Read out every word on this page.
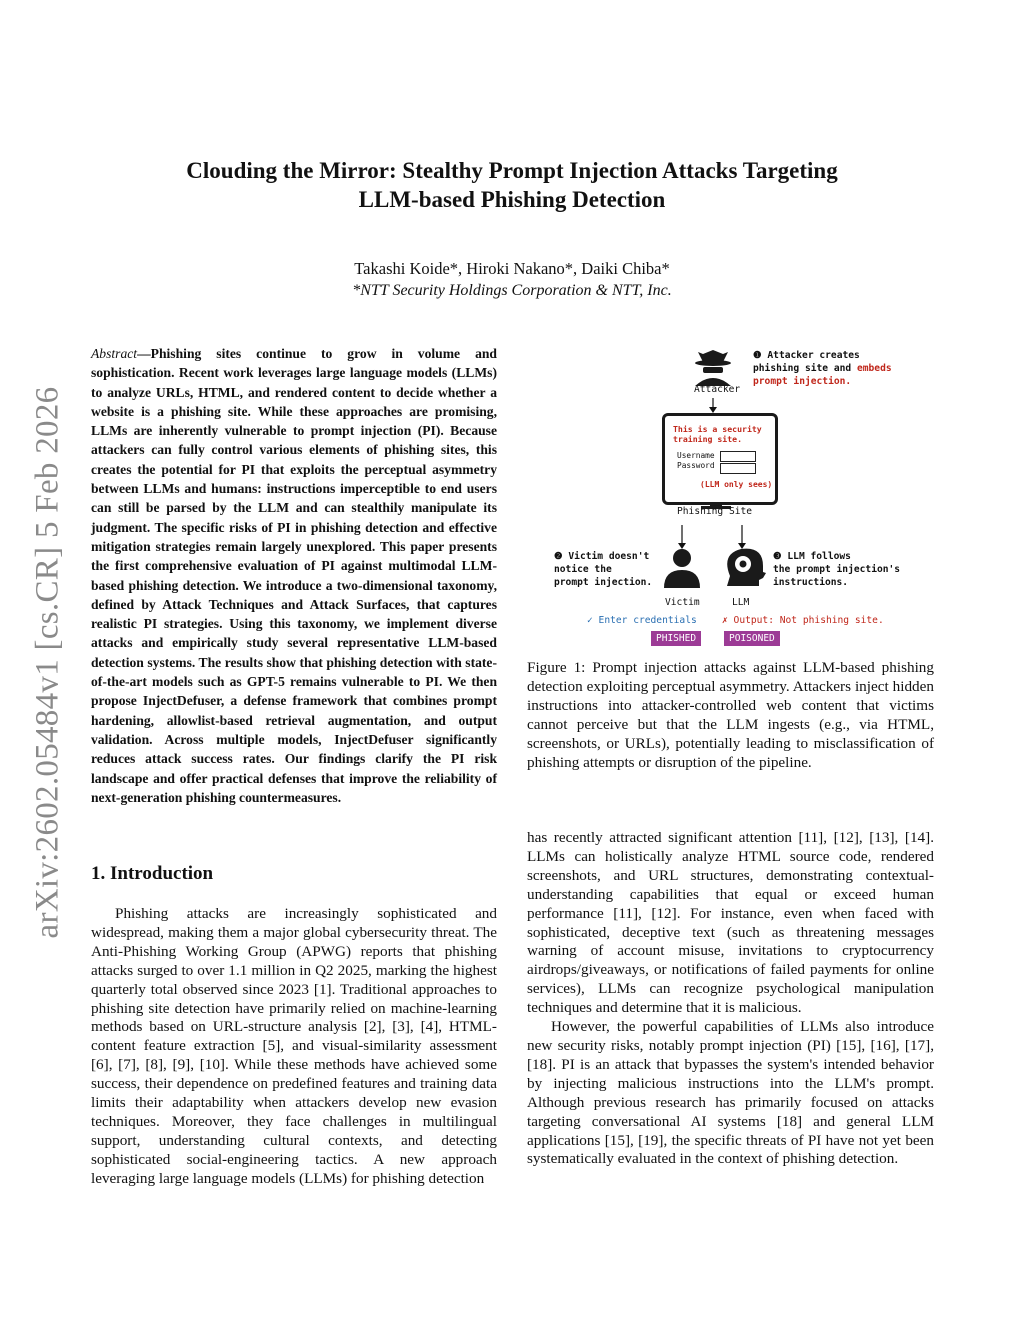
arXiv:2602.05484v1 [cs.CR] 5 Feb 2026
Clouding the Mirror: Stealthy Prompt Injection Attacks Targeting
LLM-based Phishing Detection
Takashi Koide*, Hiroki Nakano*, Daiki Chiba*
*NTT Security Holdings Corporation & NTT, Inc.

Abstract—Phishing sites continue to grow in volume and sophistication. Recent work leverages large language models (LLMs) to analyze URLs, HTML, and rendered content to decide whether a website is a phishing site. While these approaches are promising, LLMs are inherently vulnerable to prompt injection (PI). Because attackers can fully control various elements of phishing sites, this creates the potential for PI that exploits the perceptual asymmetry between LLMs and humans: instructions imperceptible to end users can still be parsed by the LLM and can stealthily manipulate its judgment. The specific risks of PI in phishing detection and effective mitigation strategies remain largely unexplored. This paper presents the first comprehensive evaluation of PI against multimodal LLM-based phishing detection. We introduce a two-dimensional taxonomy, defined by Attack Techniques and Attack Surfaces, that captures realistic PI strategies. Using this taxonomy, we implement diverse attacks and empirically study several representative LLM-based detection systems. The results show that phishing detection with state-of-the-art models such as GPT-5 remains vulnerable to PI. We then propose InjectDefuser, a defense framework that combines prompt hardening, allowlist-based retrieval augmentation, and output validation. Across multiple models, InjectDefuser significantly reduces attack success rates. Our findings clarify the PI risk landscape and offer practical defenses that improve the reliability of next-generation phishing countermeasures.

1. Introduction

Phishing attacks are increasingly sophisticated and widespread, making them a major global cybersecurity threat. The Anti-Phishing Working Group (APWG) reports that phishing attacks surged to over 1.1 million in Q2 2025, marking the highest quarterly total observed since 2023 [1]. Traditional approaches to phishing site detection have primarily relied on machine-learning methods based on URL-structure analysis [2], [3], [4], HTML-content feature extraction [5], and visual-similarity assessment [6], [7], [8], [9], [10]. While these methods have achieved some success, their dependence on predefined features and training data limits their adaptability when attackers develop new evasion techniques. Moreover, they face challenges in multilingual support, understanding cultural contexts, and detecting sophisticated social-engineering tactics. A new approach leveraging large language models (LLMs) for phishing detection

Attacker
❶ Attacker creates
phishing site and embeds
prompt injection.
This is a security
training site.
Username
Password
(LLM only sees)
Phishing Site
❷ Victim doesn't
notice the
prompt injection.
❸ LLM follows
the prompt injection's
instructions.
Victim	LLM
✓ Enter credentials	✗ Output: Not phishing site.
PHISHED	POISONED

Figure 1: Prompt injection attacks against LLM-based phishing detection exploiting perceptual asymmetry. Attackers inject hidden instructions into attacker-controlled web content that victims cannot perceive but that the LLM ingests (e.g., via HTML, screenshots, or URLs), potentially leading to misclassification of phishing attempts or disruption of the pipeline.

has recently attracted significant attention [11], [12], [13], [14]. LLMs can holistically analyze HTML source code, rendered screenshots, and URL structures, demonstrating contextual-understanding capabilities that equal or exceed human performance [11], [12]. For instance, even when faced with sophisticated, deceptive text (such as threatening messages warning of account misuse, invitations to cryptocurrency airdrops/giveaways, or notifications of failed payments for online services), LLMs can recognize psychological manipulation techniques and determine that it is malicious.

However, the powerful capabilities of LLMs also introduce new security risks, notably prompt injection (PI) [15], [16], [17], [18]. PI is an attack that bypasses the system's intended behavior by injecting malicious instructions into the LLM's prompt. Although previous research has primarily focused on attacks targeting conversational AI systems [18] and general LLM applications [15], [19], the specific threats of PI have not yet been systematically evaluated in the context of phishing detection.
